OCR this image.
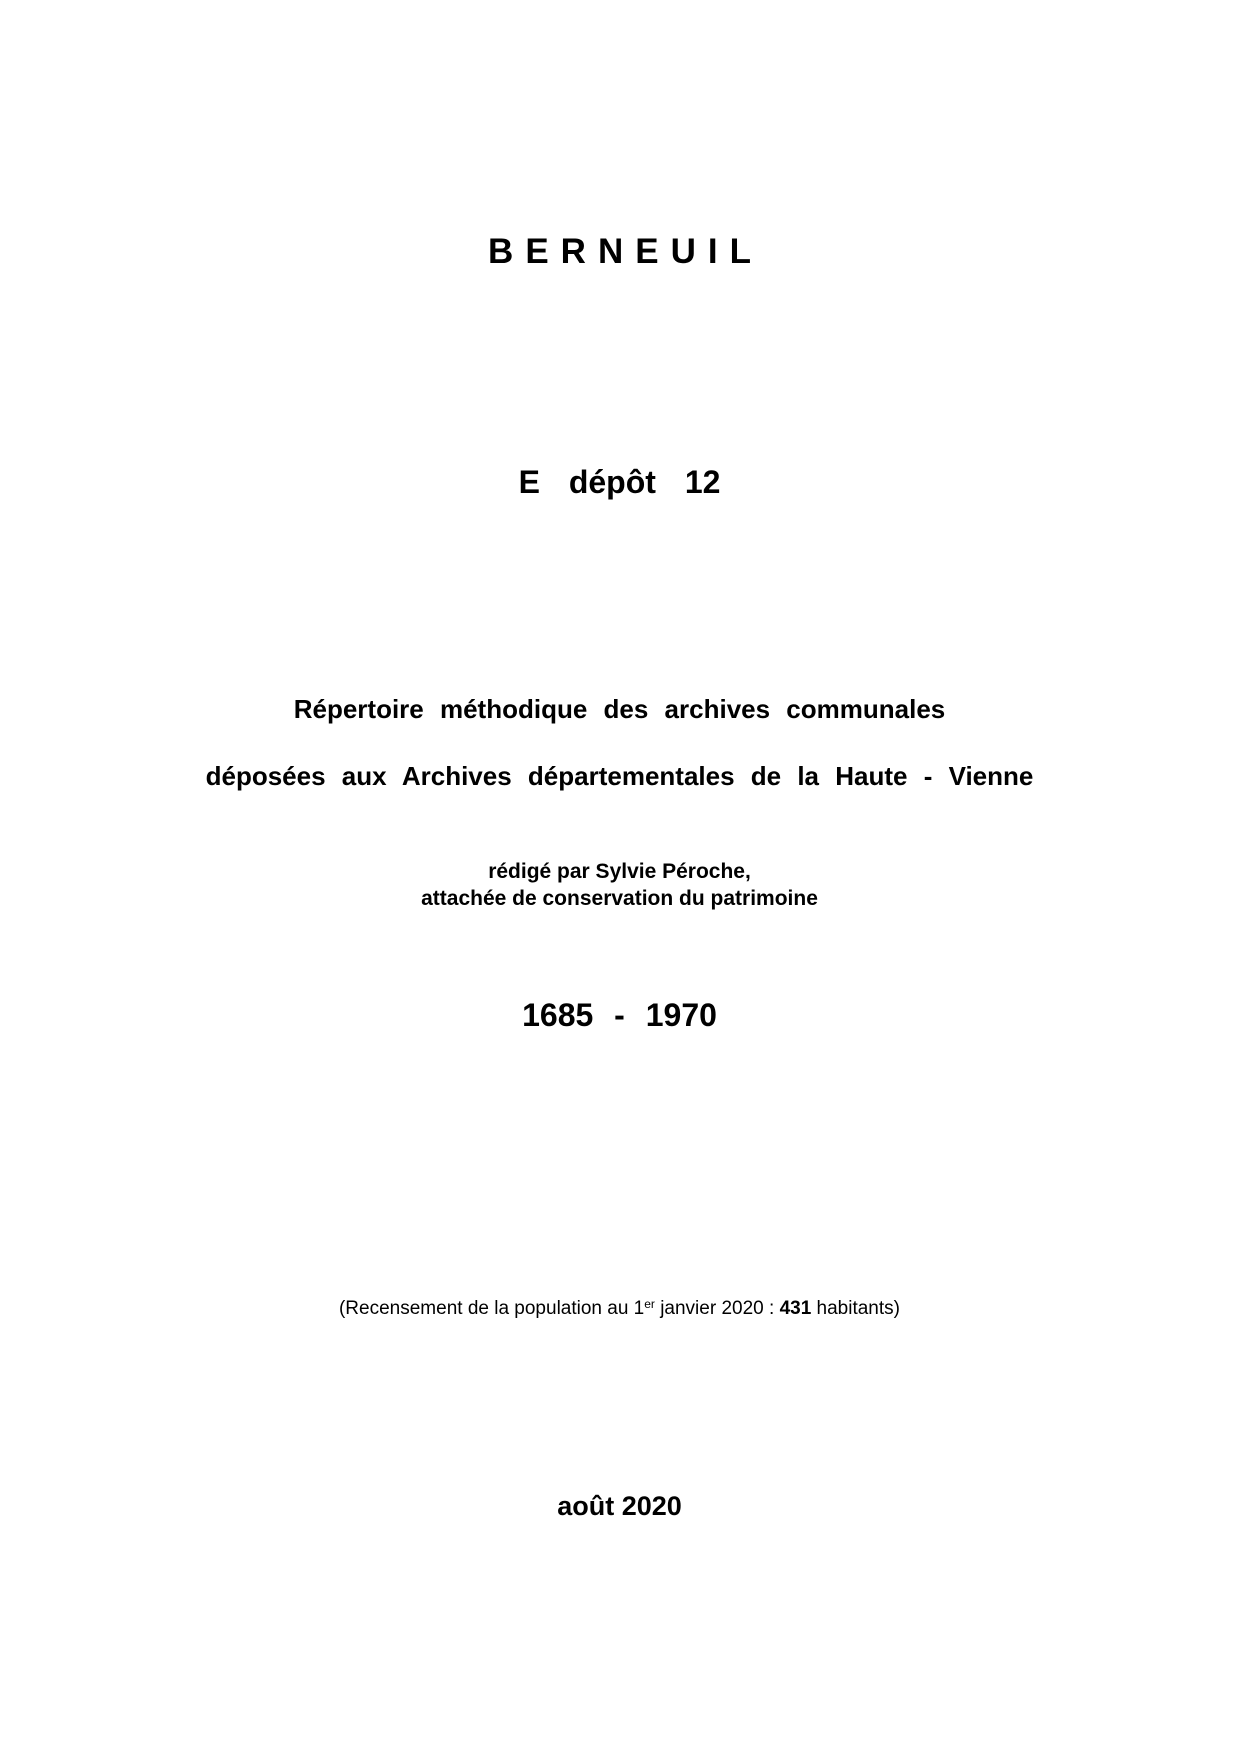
BERNEUIL
E dépôt 12
Répertoire méthodique des archives communales
déposées aux Archives départementales de la Haute - Vienne
rédigé par Sylvie Péroche,
attachée de conservation du patrimoine
1685 - 1970
(Recensement de la population au 1er janvier 2020 : 431 habitants)
août 2020
